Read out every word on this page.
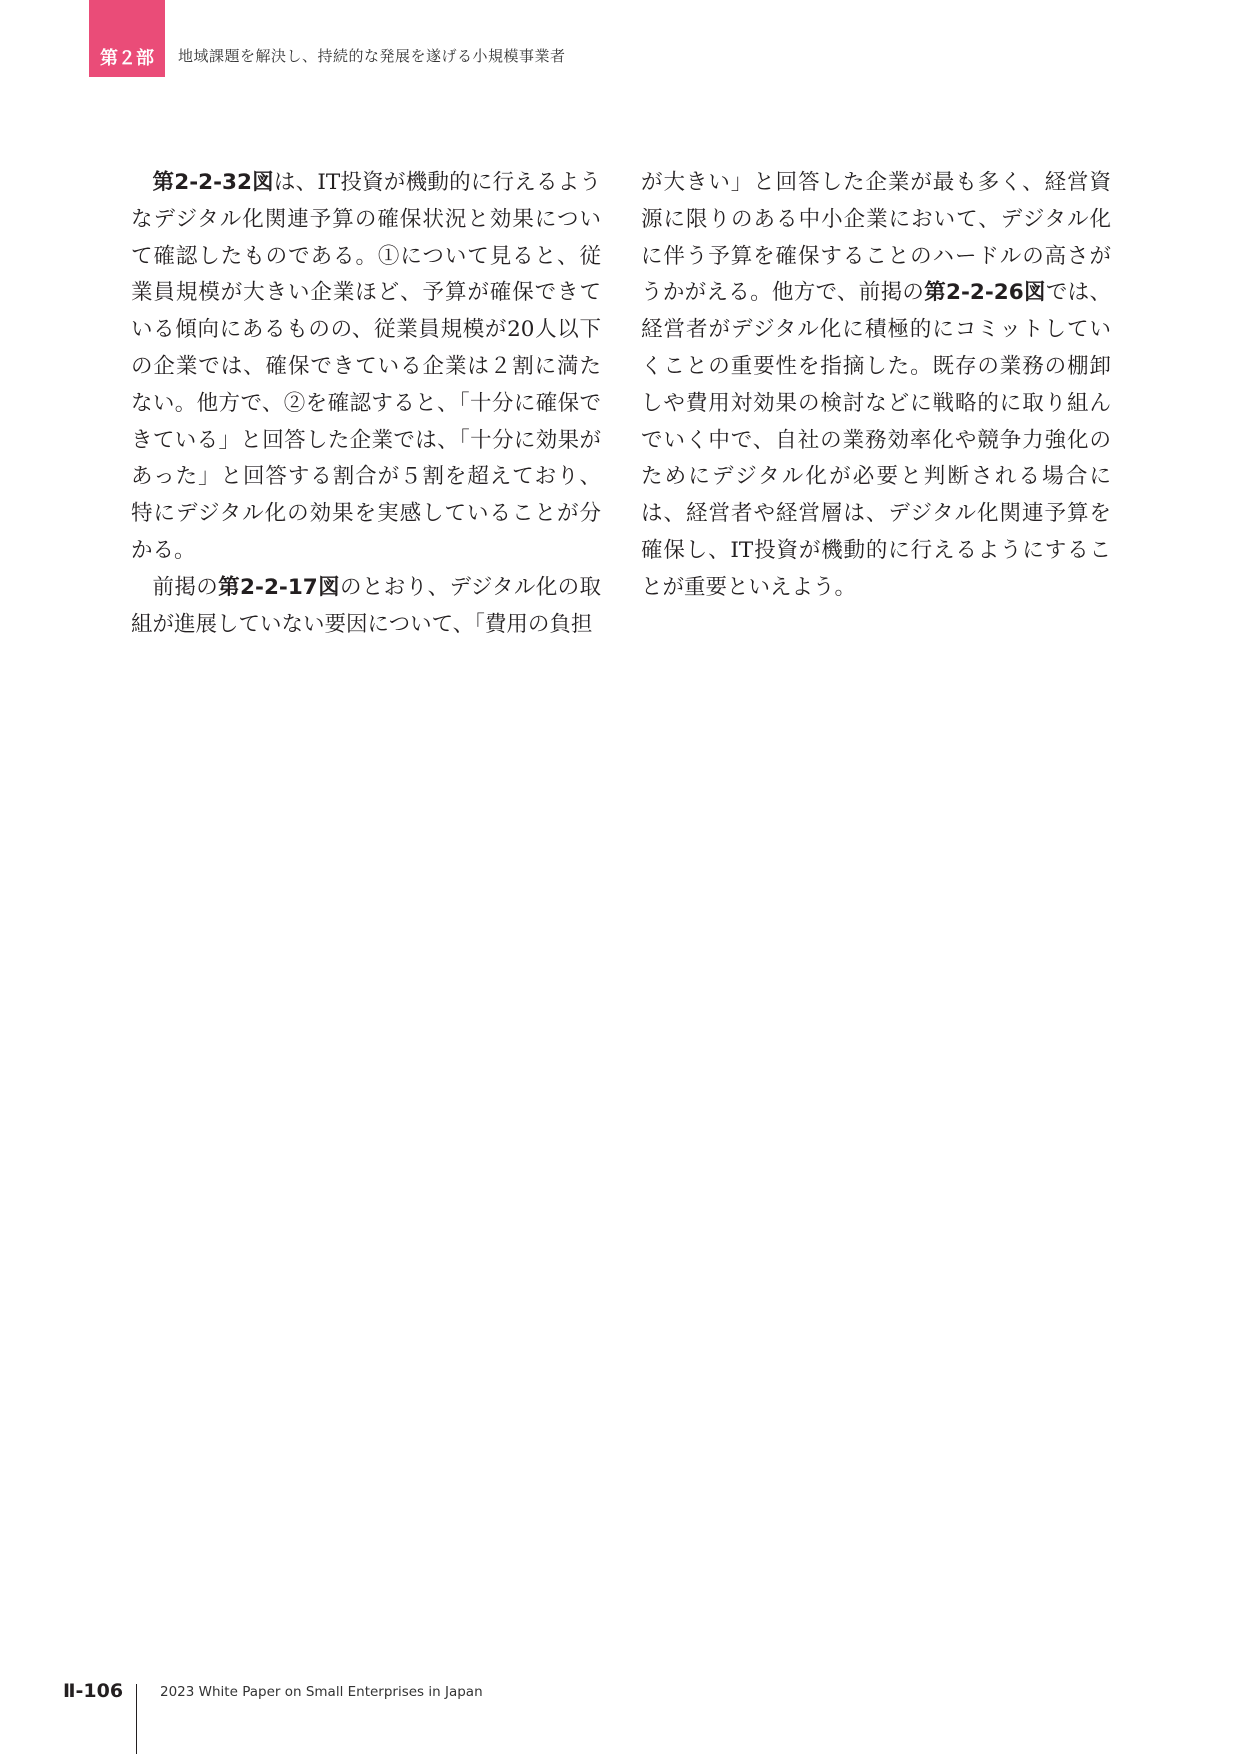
第２部 地域課題を解決し、持続的な発展を遂げる小規模事業者

第2-2-32図は、IT投資が機動的に行えるようなデジタル化関連予算の確保状況と効果について確認したものである。①について見ると、従業員規模が大きい企業ほど、予算が確保できている傾向にあるものの、従業員規模が20人以下の企業では、確保できている企業は２割に満たない。他方で、②を確認すると、「十分に確保できている」と回答した企業では、「十分に効果があった」と回答する割合が５割を超えており、特にデジタル化の効果を実感していることが分かる。

前掲の第2-2-17図のとおり、デジタル化の取組が進展していない要因について、「費用の負担

が大きい」と回答した企業が最も多く、経営資源に限りのある中小企業において、デジタル化に伴う予算を確保することのハードルの高さがうかがえる。他方で、前掲の第2-2-26図では、経営者がデジタル化に積極的にコミットしていくことの重要性を指摘した。既存の業務の棚卸しや費用対効果の検討などに戦略的に取り組んでいく中で、自社の業務効率化や競争力強化のためにデジタル化が必要と判断される場合には、経営者や経営層は、デジタル化関連予算を確保し、IT投資が機動的に行えるようにすることが重要といえよう。

Ⅱ-106	2023 White Paper on Small Enterprises in Japan
